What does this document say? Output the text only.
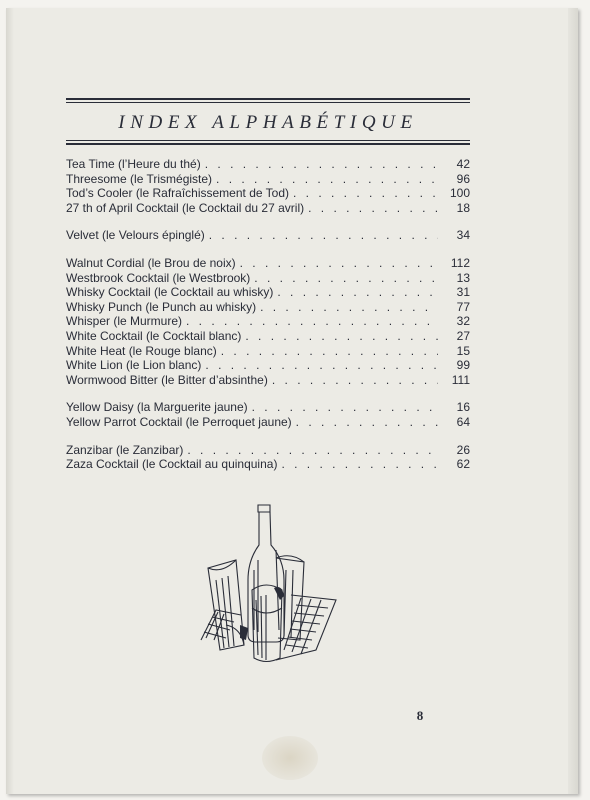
INDEX ALPHABÉTIQUE
Tea Time (l’Heure du thé) . . .	42
Threesome (le Trismégiste) . . .	96
Tod’s Cooler (le Rafraîchissement de Tod) . . .	100
27 th of April Cocktail (le Cocktail du 27 avril) . . .	18
Velvet (le Velours épinglé) . . .	34
Walnut Cordial (le Brou de noix) . . .	112
Westbrook Cocktail (le Westbrook) . . .	13
Whisky Cocktail (le Cocktail au whisky) . . .	31
Whisky Punch (le Punch au whisky) . . .	77
Whisper (le Murmure) . . .	32
White Cocktail (le Cocktail blanc) . . .	27
White Heat (le Rouge blanc) . . .	15
White Lion (le Lion blanc) . . .	99
Wormwood Bitter (le Bitter d’absinthe) . . .	111
Yellow Daisy (la Marguerite jaune) . . .	16
Yellow Parrot Cocktail (le Perroquet jaune) . . .	64
Zanzibar (le Zanzibar) . . .	26
Zaza Cocktail (le Cocktail au quinquina) . . .	62
8
